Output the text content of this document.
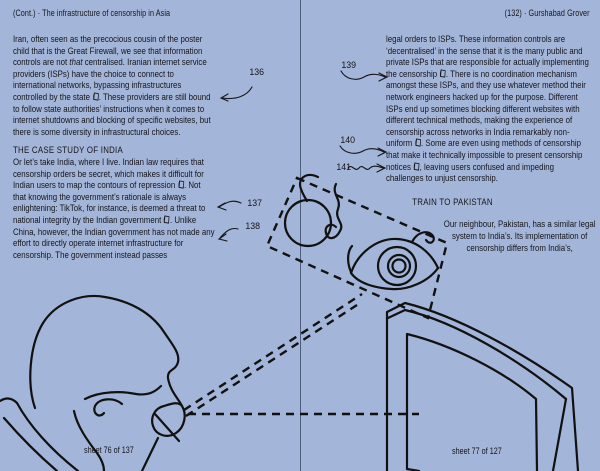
(Cont.) · The infrastructure of censorship in Asia	(132) · Gurshabad Grover

Iran, often seen as the precocious cousin of the poster child that is the Great Firewall, we see that information controls are not that centralised. Iranian internet service providers (ISPs) have the choice to connect to international networks, bypassing infrastructures controlled by the state . These providers are still bound to follow state authorities’ instructions when it comes to internet shutdowns and blocking of specific websites, but there is some diversity in infrastructural choices.

THE CASE STUDY OF INDIA

Or let’s take India, where I live. Indian law requires that censorship orders be secret, which makes it difficult for Indian users to map the contours of repression . Not that knowing the government’s rationale is always enlightening: TikTok, for instance, is deemed a threat to national integrity by the Indian government . Unlike China, however, the Indian government has not made any effort to directly operate internet infrastructure for censorship. The government instead passes

legal orders to ISPs. These information controls are ‘decentralised’ in the sense that it is the many public and private ISPs that are responsible for actually implementing the censorship . There is no coordination mechanism amongst these ISPs, and they use whatever method their network engineers hacked up for the purpose. Different ISPs end up sometimes blocking different websites with different technical methods, making the experience of censorship across networks in India remarkably non-uniform . Some are even using methods of censorship that make it technically impossible to present censorship notices , leaving users confused and impeding challenges to unjust censorship.

TRAIN TO PAKISTAN

Our neighbour, Pakistan, has a similar legal system to India’s. Its implementation of censorship differs from India’s,

136
137
138
139
140
141
sheet 76 of 137	sheet 77 of 127
